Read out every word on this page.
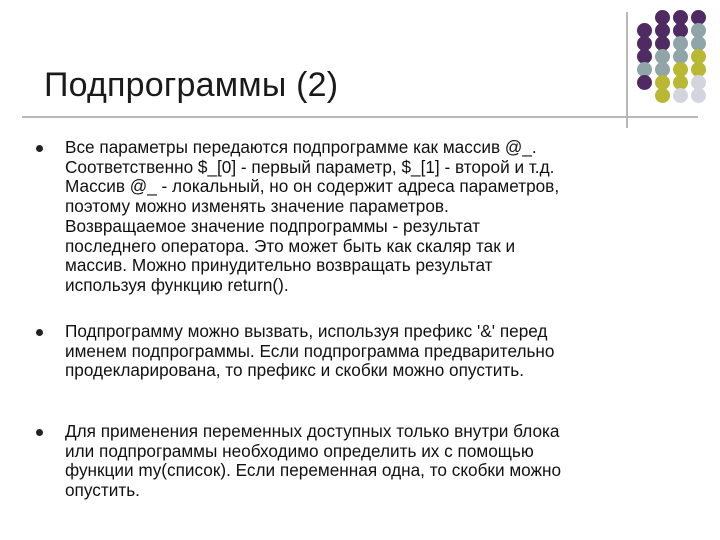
Подпрограммы (2)
Все параметры передаются подпрограмме как массив @_.
Соответственно $_[0] - первый параметр, $_[1] - второй и т.д.
Массив @_ - локальный, но он содержит адреса параметров,
поэтому можно изменять значение параметров.
Возвращаемое значение подпрограммы - результат
последнего оператора. Это может быть как скаляр так и
массив. Можно принудительно возвращать результат
используя функцию return().
Подпрограмму можно вызвать, используя префикс '&' перед
именем подпрограммы. Если подпрограмма предварительно
продекларирована, то префикс и скобки можно опустить.
Для применения переменных доступных только внутри блока
или подпрограммы необходимо определить их с помощью
функции my(список). Если переменная одна, то скобки можно
опустить.
